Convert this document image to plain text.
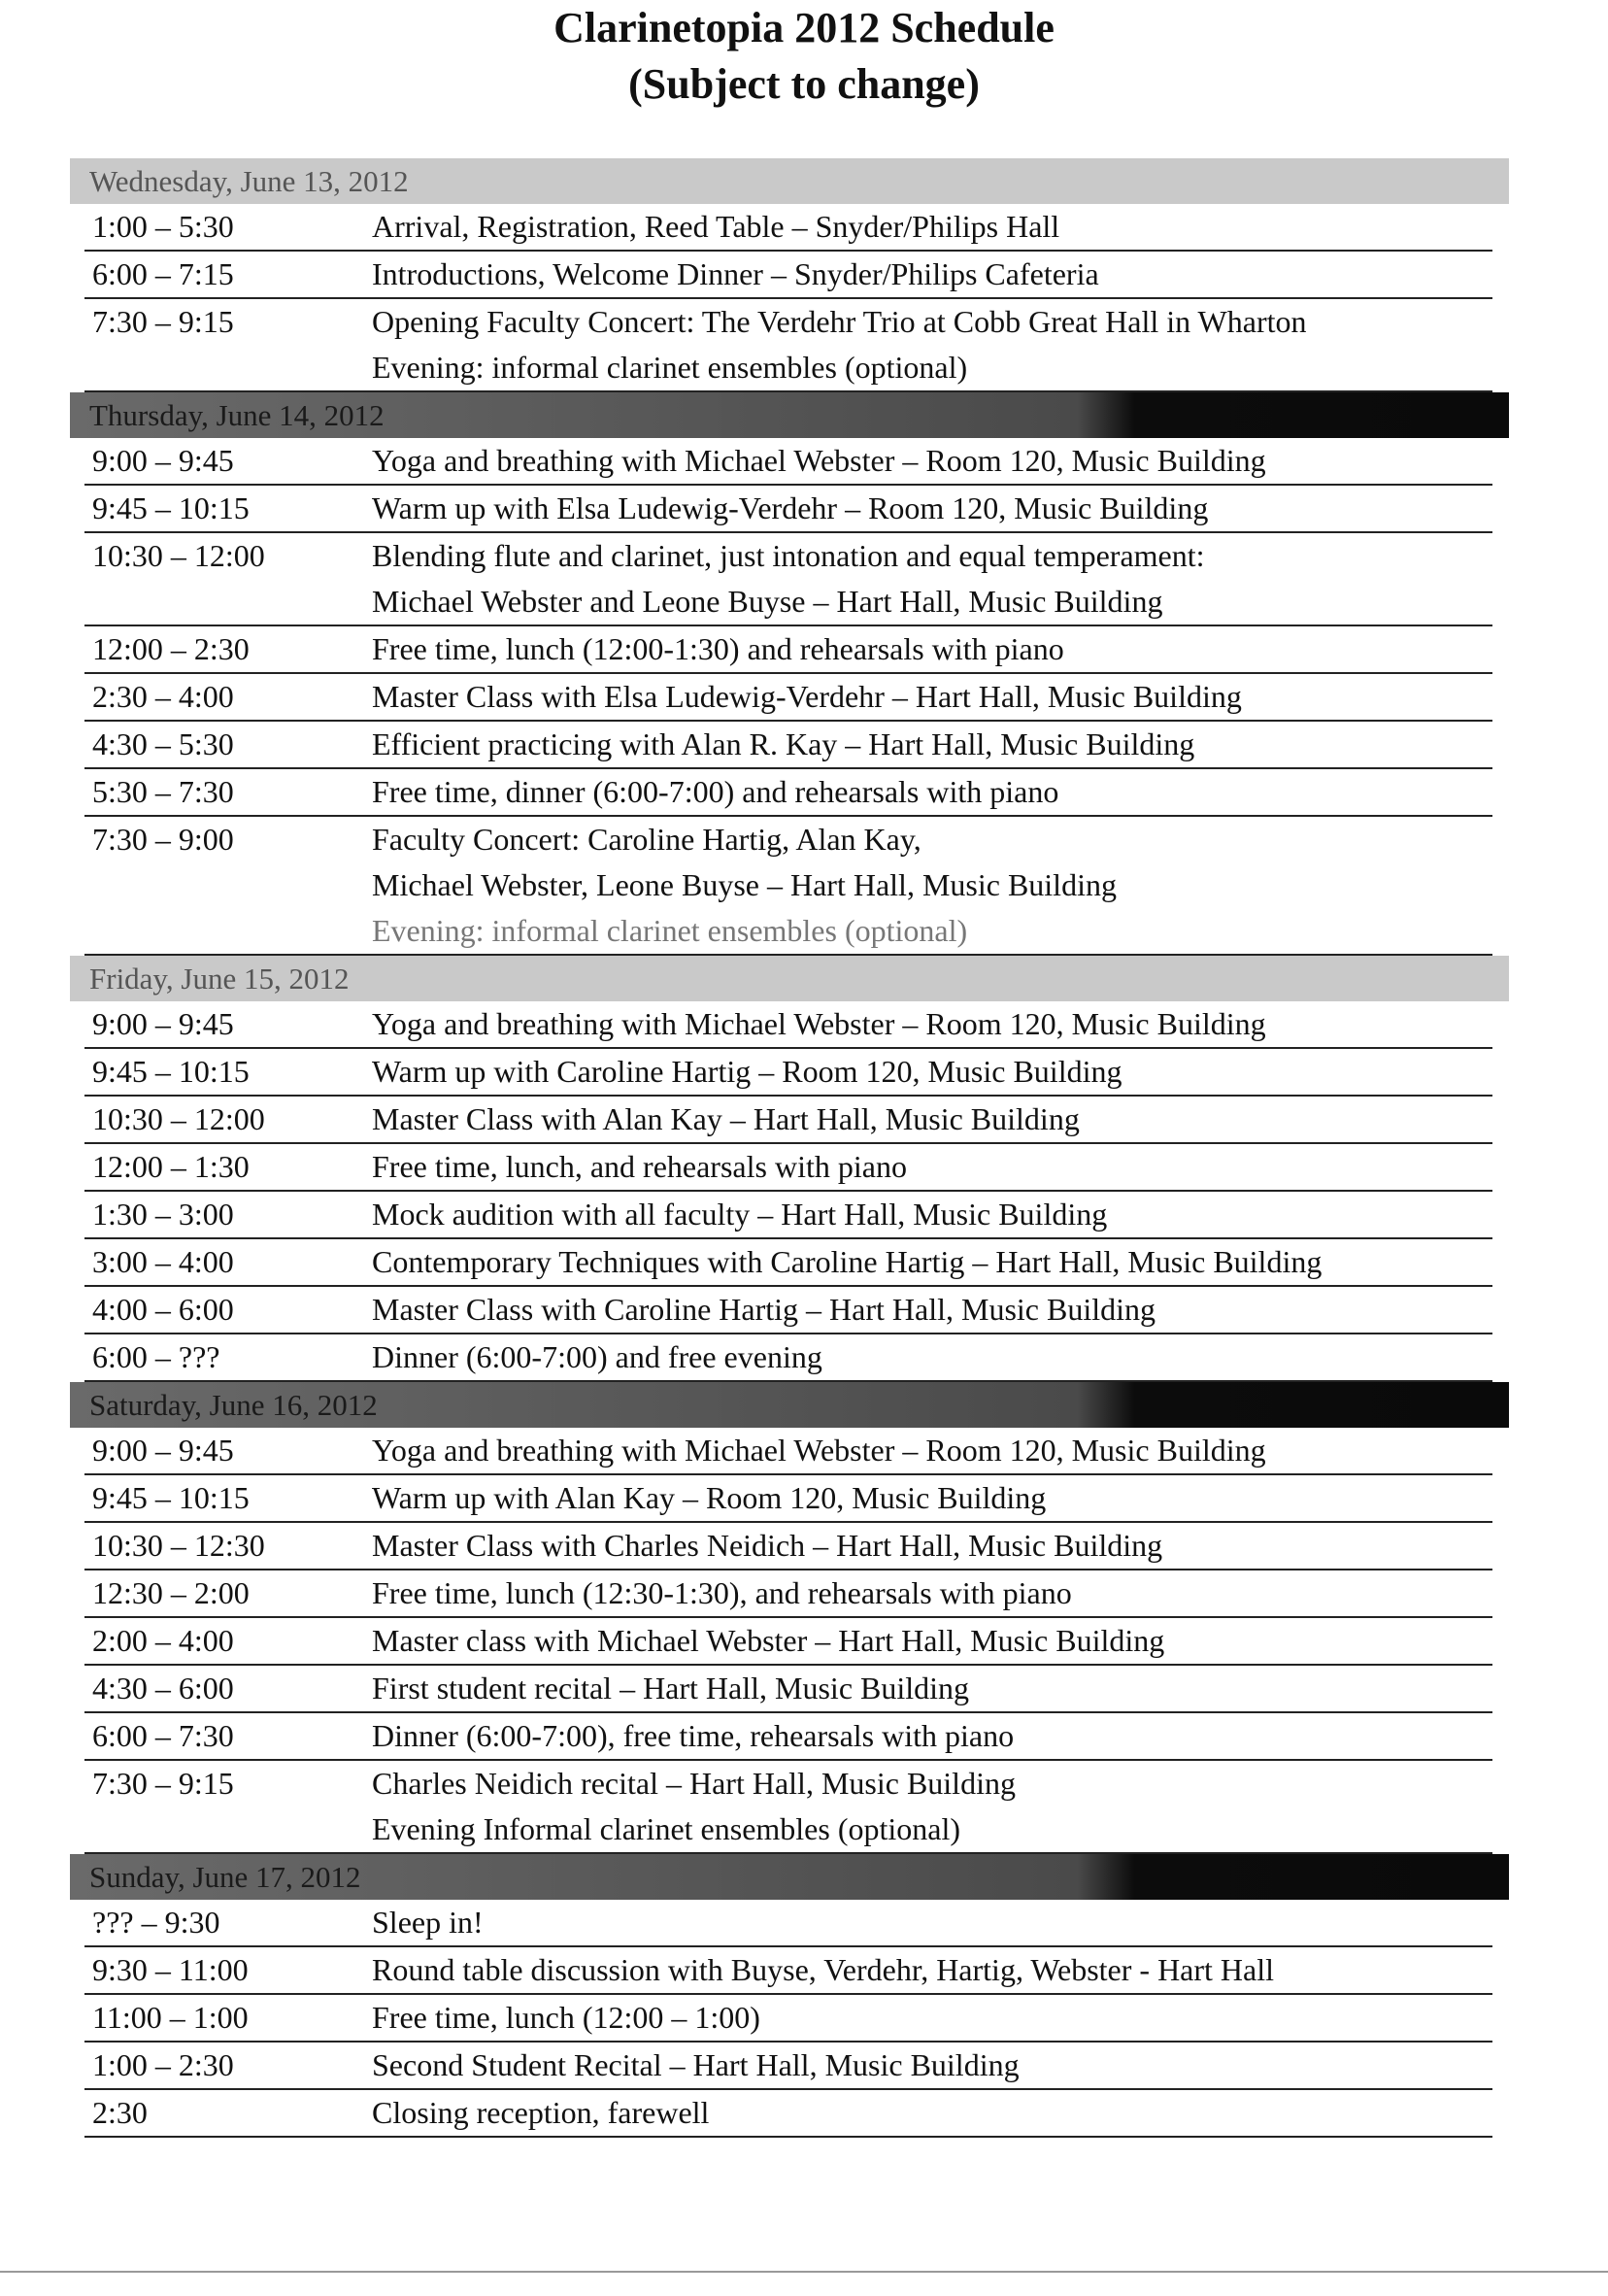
Clarinetopia 2012 Schedule
(Subject to change)
Wednesday, June 13, 2012
1:00 – 5:30	Arrival, Registration, Reed Table – Snyder/Philips Hall
6:00 – 7:15	Introductions, Welcome Dinner – Snyder/Philips Cafeteria
7:30 – 9:15	Opening Faculty Concert: The Verdehr Trio at Cobb Great Hall in Wharton
Evening: informal clarinet ensembles (optional)
Thursday, June 14, 2012
9:00 – 9:45	Yoga and breathing with Michael Webster – Room 120, Music Building
9:45 – 10:15	Warm up with Elsa Ludewig-Verdehr – Room 120, Music Building
10:30 – 12:00	Blending flute and clarinet, just intonation and equal temperament:
Michael Webster and Leone Buyse – Hart Hall, Music Building
12:00 – 2:30	Free time, lunch (12:00-1:30) and rehearsals with piano
2:30 – 4:00	Master Class with Elsa Ludewig-Verdehr – Hart Hall, Music Building
4:30 – 5:30	Efficient practicing with Alan R. Kay – Hart Hall, Music Building
5:30 – 7:30	Free time, dinner (6:00-7:00) and rehearsals with piano
7:30 – 9:00	Faculty Concert: Caroline Hartig, Alan Kay,
Michael Webster, Leone Buyse – Hart Hall, Music Building
Evening: informal clarinet ensembles (optional)
Friday, June 15, 2012
9:00 – 9:45	Yoga and breathing with Michael Webster – Room 120, Music Building
9:45 – 10:15	Warm up with Caroline Hartig – Room 120, Music Building
10:30 – 12:00	Master Class with Alan Kay – Hart Hall, Music Building
12:00 – 1:30	Free time, lunch, and rehearsals with piano
1:30 – 3:00	Mock audition with all faculty – Hart Hall, Music Building
3:00 – 4:00	Contemporary Techniques with Caroline Hartig – Hart Hall, Music Building
4:00 – 6:00	Master Class with Caroline Hartig – Hart Hall, Music Building
6:00 – ???	Dinner (6:00-7:00) and free evening
Saturday, June 16, 2012
9:00 – 9:45	Yoga and breathing with Michael Webster – Room 120, Music Building
9:45 – 10:15	Warm up with Alan Kay – Room 120, Music Building
10:30 – 12:30	Master Class with Charles Neidich – Hart Hall, Music Building
12:30 – 2:00	Free time, lunch (12:30-1:30), and rehearsals with piano
2:00 – 4:00	Master class with Michael Webster – Hart Hall, Music Building
4:30 – 6:00	First student recital – Hart Hall, Music Building
6:00 – 7:30	Dinner (6:00-7:00), free time, rehearsals with piano
7:30 – 9:15	Charles Neidich recital – Hart Hall, Music Building
Evening Informal clarinet ensembles (optional)
Sunday, June 17, 2012
??? – 9:30	Sleep in!
9:30 – 11:00	Round table discussion with Buyse, Verdehr, Hartig, Webster - Hart Hall
11:00 – 1:00	Free time, lunch (12:00 – 1:00)
1:00 – 2:30	Second Student Recital – Hart Hall, Music Building
2:30	Closing reception, farewell
